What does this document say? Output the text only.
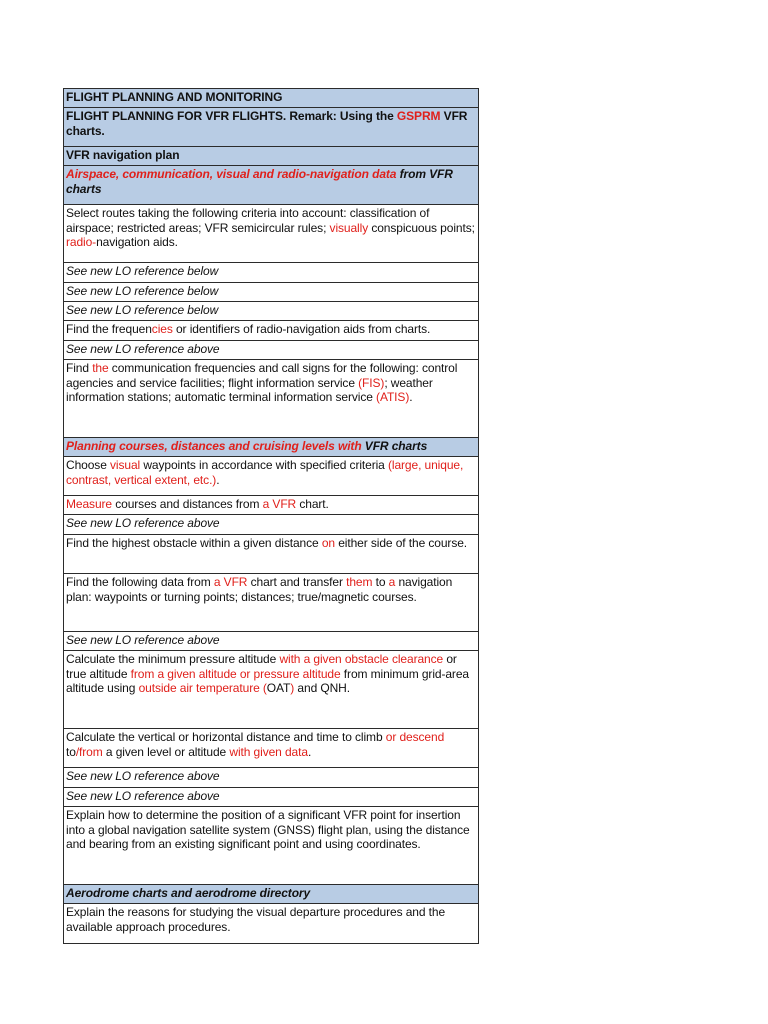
FLIGHT PLANNING AND MONITORING
FLIGHT PLANNING FOR VFR FLIGHTS. Remark: Using the GSPRM VFR charts.
VFR navigation plan
Airspace, communication, visual and radio-navigation data from VFR charts
Select routes taking the following criteria into account: classification of airspace; restricted areas; VFR semicircular rules; visually conspicuous points; radio-navigation aids.
See new LO reference below
See new LO reference below
See new LO reference below
Find the frequencies or identifiers of radio-navigation aids from charts.
See new LO reference above
Find the communication frequencies and call signs for the following: control agencies and service facilities; flight information service (FIS); weather information stations; automatic terminal information service (ATIS).
Planning courses, distances and cruising levels with VFR charts
Choose visual waypoints in accordance with specified criteria (large, unique, contrast, vertical extent, etc.).
Measure courses and distances from a VFR chart.
See new LO reference above
Find the highest obstacle within a given distance on either side of the course.
Find the following data from a VFR chart and transfer them to a navigation plan: waypoints or turning points; distances; true/magnetic courses.
See new LO reference above
Calculate the minimum pressure altitude with a given obstacle clearance or true altitude from a given altitude or pressure altitude from minimum grid-area altitude using outside air temperature (OAT) and QNH.
Calculate the vertical or horizontal distance and time to climb or descend to/from a given level or altitude with given data.
See new LO reference above
See new LO reference above
Explain how to determine the position of a significant VFR point for insertion into a global navigation satellite system (GNSS) flight plan, using the distance and bearing from an existing significant point and using coordinates.
Aerodrome charts and aerodrome directory
Explain the reasons for studying the visual departure procedures and the available approach procedures.
